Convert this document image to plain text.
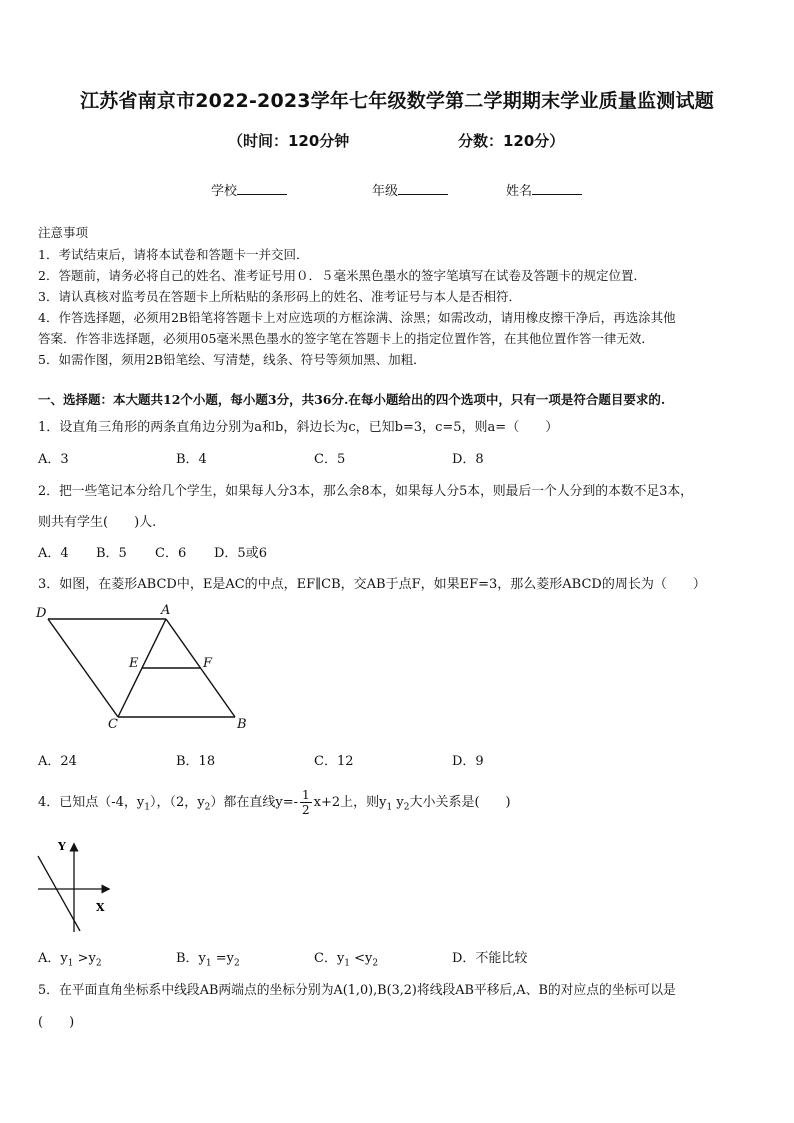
江苏省南京市2022-2023学年七年级数学第二学期期末学业质量监测试题
（时间：120分钟	分数：120分）
学校	年级	姓名
注意事项
1．考试结束后，请将本试卷和答题卡一并交回．
2．答题前，请务必将自己的姓名、准考证号用０．５毫米黑色墨水的签字笔填写在试卷及答题卡的规定位置．
3．请认真核对监考员在答题卡上所粘贴的条形码上的姓名、准考证号与本人是否相符．
4．作答选择题，必须用2B铅笔将答题卡上对应选项的方框涂满、涂黑；如需改动，请用橡皮擦干净后，再选涂其他
答案．作答非选择题，必须用05毫米黑色墨水的签字笔在答题卡上的指定位置作答，在其他位置作答一律无效．
5．如需作图，须用2B铅笔绘、写清楚，线条、符号等须加黑、加粗．
一、选择题：本大题共12个小题，每小题3分，共36分.在每小题给出的四个选项中，只有一项是符合题目要求的.
1．设直角三角形的两条直角边分别为a和b，斜边长为c，已知b=3，c=5，则a=（　　）
A．3	B．4	C．5	D．8
2．把一些笔记本分给几个学生，如果每人分3本，那么余8本，如果每人分5本，则最后一个人分到的本数不足3本，
则共有学生(　　)人.
A．4 B．5 C．6 D．5或6
3．如图，在菱形ABCD中，E是AC的中点，EF∥CB，交AB于点F，如果EF=3，那么菱形ABCD的周长为（　　）
D	A
E	F
C	B
A．24	B．18	C．12	D．9
4．已知点（-4，$y_1$），（2，$y_2$）都在直线$y=- \frac{1}{2} x+2$上，则$y_1$ $y_2$大小关系是(　　)
Y
X
A．$y_1 >y_2$	B．$y_1 =y_2$	C．$y_1 <y_2$	D．不能比较
5．在平面直角坐标系中线段AB两端点的坐标分别为A(1,0),B(3,2)将线段AB平移后,A、B的对应点的坐标可以是
(　　)
